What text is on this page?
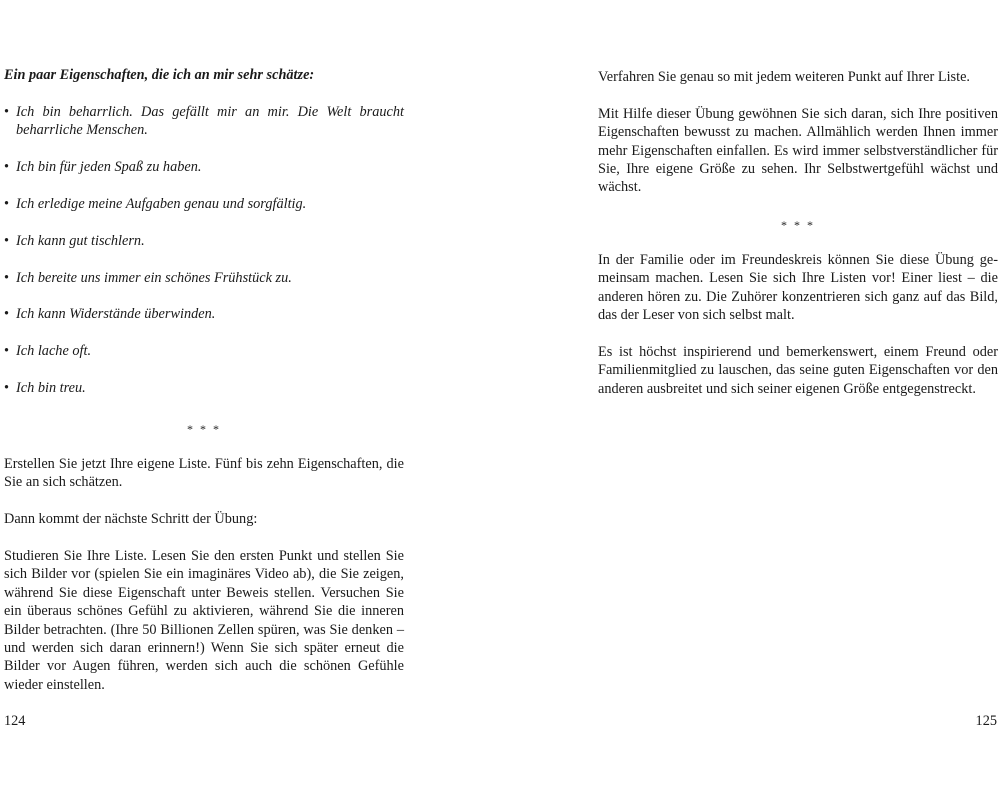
Ein paar Eigenschaften, die ich an mir sehr schätze:
• Ich bin beharrlich. Das gefällt mir an mir. Die Welt braucht beharrliche Menschen.
• Ich bin für jeden Spaß zu haben.
• Ich erledige meine Aufgaben genau und sorgfältig.
• Ich kann gut tischlern.
• Ich bereite uns immer ein schönes Frühstück zu.
• Ich kann Widerstände überwinden.
• Ich lache oft.
• Ich bin treu.
* * *

Erstellen Sie jetzt Ihre eigene Liste. Fünf bis zehn Eigenschaften, die Sie an sich schätzen.

Dann kommt der nächste Schritt der Übung:

Studieren Sie Ihre Liste. Lesen Sie den ersten Punkt und stellen Sie sich Bilder vor (spielen Sie ein imaginäres Video ab), die Sie zeigen, während Sie diese Eigenschaft unter Beweis stellen. Versuchen Sie ein überaus schönes Gefühl zu aktivieren, während Sie die inneren Bilder betrachten. (Ihre 50 Billionen Zellen spüren, was Sie denken – und werden sich daran erinnern!) Wenn Sie sich später erneut die Bilder vor Augen führen, werden sich auch die schönen Gefühle wieder einstellen.

124

Verfahren Sie genau so mit jedem weiteren Punkt auf Ihrer Liste.

Mit Hilfe dieser Übung gewöhnen Sie sich daran, sich Ihre positiven Eigenschaften bewusst zu machen. Allmählich werden Ihnen immer mehr Eigenschaften einfallen. Es wird immer selbstverständlicher für Sie, Ihre eigene Größe zu sehen. Ihr Selbstwertgefühl wächst und wächst.

* * *

In der Familie oder im Freundeskreis können Sie diese Übung gemeinsam machen. Lesen Sie sich Ihre Listen vor! Einer liest – die anderen hören zu. Die Zuhörer konzentrieren sich ganz auf das Bild, das der Leser von sich selbst malt.

Es ist höchst inspirierend und bemerkenswert, einem Freund oder Familienmitglied zu lauschen, das seine guten Eigenschaften vor den anderen ausbreitet und sich seiner eigenen Größe entgegenstreckt.

125
